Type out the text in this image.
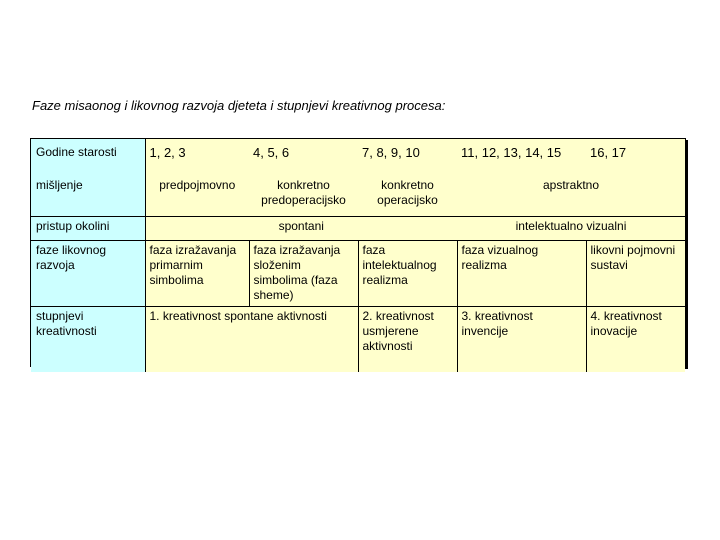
Faze misaonog i likovnog razvoja djeteta i stupnjevi kreativnog procesa:
Godine starosti	1, 2, 3	4, 5, 6	7, 8, 9, 10	11, 12, 13, 14, 15	16, 17
mišljenje	predpojmovno	konkretno predoperacijsko	konkretno operacijsko	apstraktno	
pristup okolini	spontani			intelektualno vizualni	
faze likovnog razvoja	faza izražavanja primarnim simbolima	faza izražavanja složenim simbolima (faza sheme)	faza intelektualnog realizma	faza vizualnog realizma	likovni pojmovni sustavi
stupnjevi kreativnosti	1. kreativnost spontane aktivnosti		2. kreativnost usmjerene aktivnosti	3. kreativnost invencije	4. kreativnost inovacije
